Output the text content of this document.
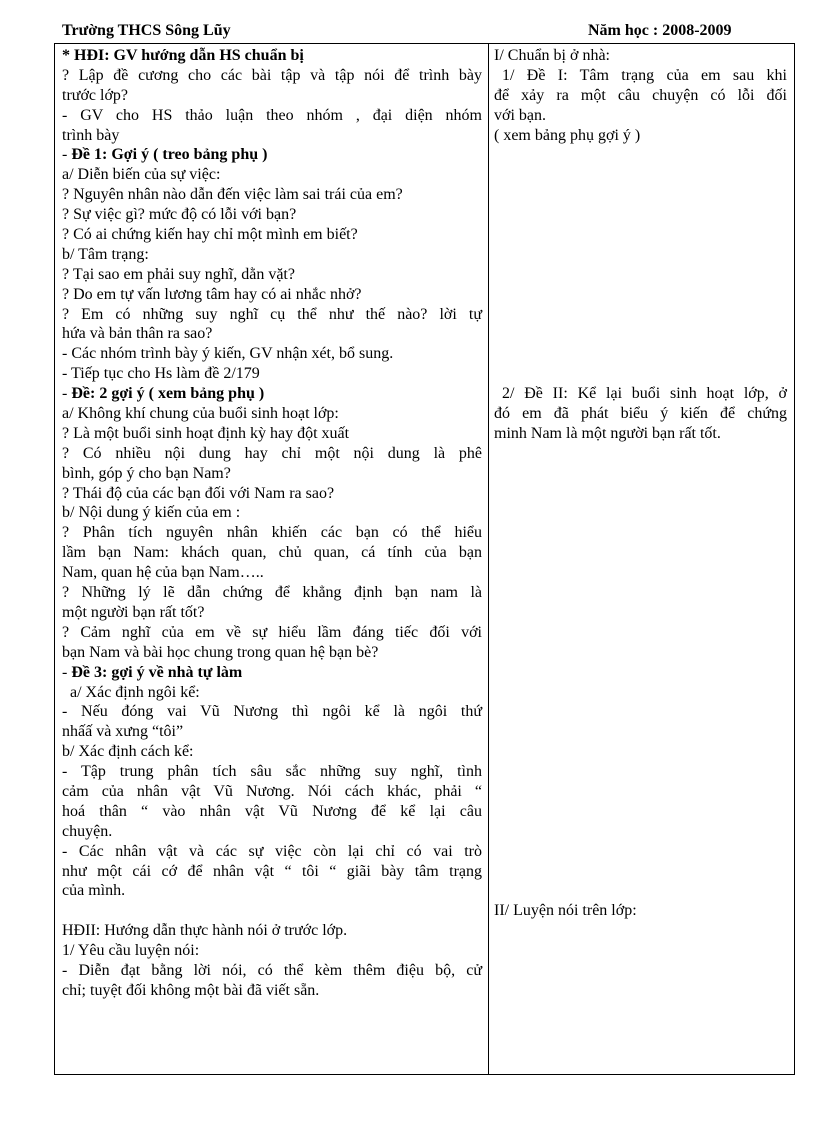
Trường THCS Sông Lũy	Năm học : 2008-2009
* HĐI: GV hướng dẫn HS chuẩn bị
? Lập đề cương cho các bài tập và tập nói để trình bày
trước lớp?
- GV cho HS thảo luận theo nhóm , đại diện nhóm
trình bày
- Đề 1: Gợi ý ( treo bảng phụ )
a/ Diễn biến của sự việc:
? Nguyên nhân nào dẫn đến việc làm sai trái của em?
? Sự việc gì? mức độ có lỗi với bạn?
? Có ai chứng kiến hay chỉ một mình em biết?
b/ Tâm trạng:
? Tại sao em phải suy nghĩ, dằn vặt?
? Do em tự vấn lương tâm hay có ai nhắc nhở?
? Em có những suy nghĩ cụ thể như thế nào? lời tự
hứa và bản thân ra sao?
- Các nhóm trình bày ý kiến, GV nhận xét, bổ sung.
- Tiếp tục cho Hs làm đề 2/179
- Đề: 2 gợi ý ( xem bảng phụ )
a/ Không khí chung của buổi sinh hoạt lớp:
? Là một buổi sinh hoạt định kỳ hay đột xuất
? Có nhiều nội dung hay chỉ một nội dung là phê
bình, góp ý cho bạn Nam?
? Thái độ của các bạn đối với Nam ra sao?
b/ Nội dung ý kiến của em :
? Phân tích nguyên nhân khiến các bạn có thể hiểu
lầm bạn Nam: khách quan, chủ quan, cá tính của bạn
Nam, quan hệ của bạn Nam…..
? Những lý lẽ dẫn chứng để khẳng định bạn nam là
một người bạn rất tốt?
? Cảm nghĩ của em về sự hiểu lầm đáng tiếc đối với
bạn Nam và bài học chung trong quan hệ bạn bè?
- Đề 3: gợi ý về nhà tự làm
a/ Xác định ngôi kể:
- Nếu đóng vai Vũ Nương thì ngôi kể là ngôi thứ
nhấấ và xưng “tôi”
b/ Xác định cách kể:
- Tập trung phân tích sâu sắc những suy nghĩ, tình
cảm của nhân vật Vũ Nương. Nói cách khác, phải “
hoá thân “ vào nhân vật Vũ Nương để kể lại câu
chuyện.
- Các nhân vật và các sự việc còn lại chỉ có vai trò
như một cái cớ để nhân vật “ tôi “ giãi bày tâm trạng
của mình.
HĐII: Hướng dẫn thực hành nói ở trước lớp.
1/ Yêu cầu luyện nói:
- Diễn đạt bằng lời nói, có thể kèm thêm điệu bộ, cử
chỉ; tuyệt đối không một bài đã viết sẵn.
I/ Chuẩn bị ở nhà:
1/ Đề I: Tâm trạng của em sau khi
để xảy ra một câu chuyện có lỗi đối
với bạn.
( xem bảng phụ gợi ý )
2/ Đề II: Kể lại buổi sinh hoạt lớp, ở
đó em đã phát biểu ý kiến để chứng
minh Nam là một người bạn rất tốt.
II/ Luyện nói trên lớp:
